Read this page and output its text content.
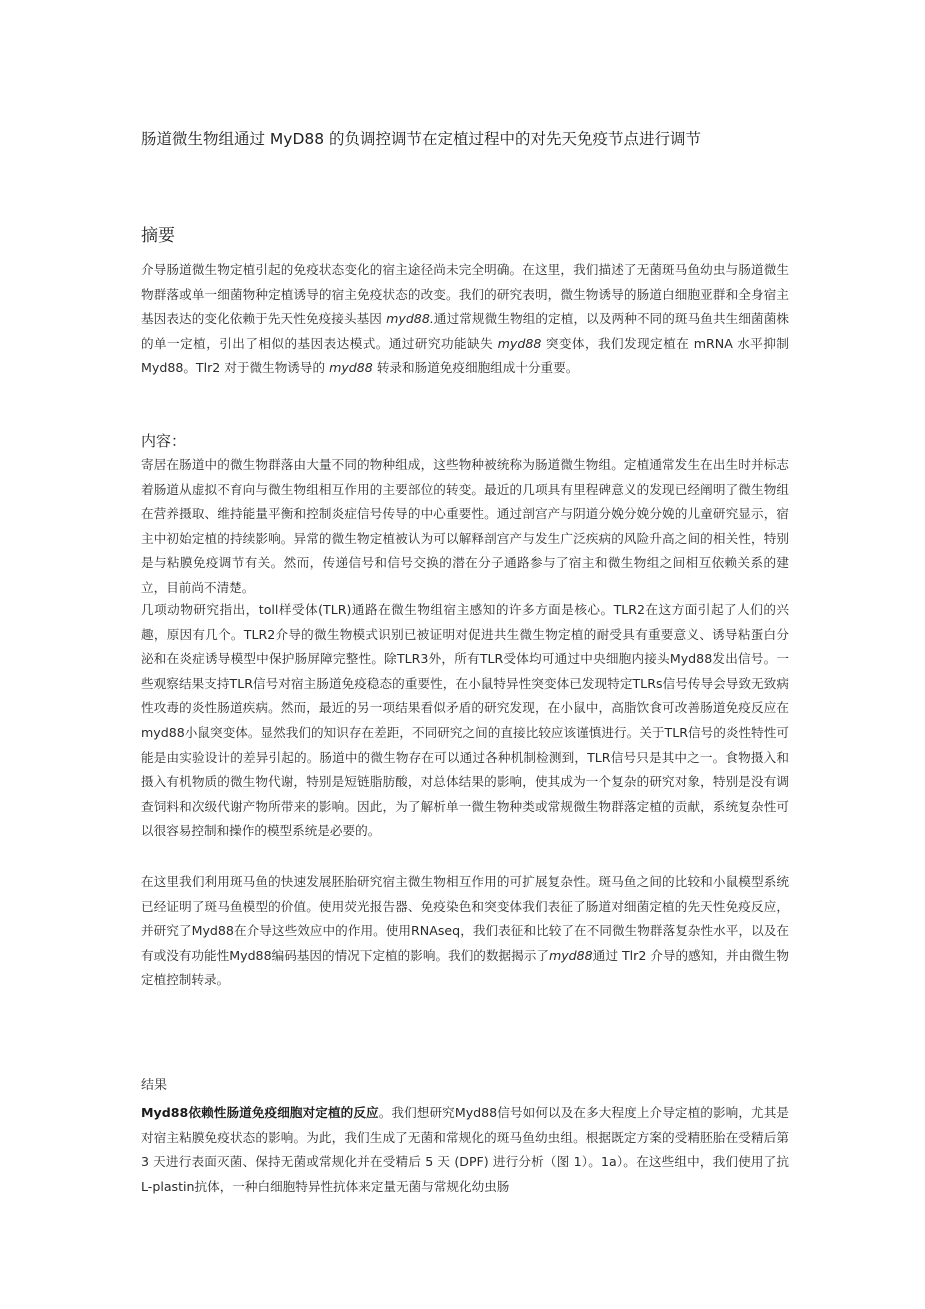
肠道微生物组通过 MyD88 的负调控调节在定植过程中的对先天免疫节点进行调节
摘要
介导肠道微生物定植引起的免疫状态变化的宿主途径尚未完全明确。在这里，我们描述了无菌斑马鱼幼虫与肠道微生物群落或单一细菌物种定植诱导的宿主免疫状态的改变。我们的研究表明，微生物诱导的肠道白细胞亚群和全身宿主基因表达的变化依赖于先天性免疫接头基因 myd88.通过常规微生物组的定植，以及两种不同的斑马鱼共生细菌菌株的单一定植，引出了相似的基因表达模式。通过研究功能缺失 myd88 突变体，我们发现定植在 mRNA 水平抑制 Myd88。Tlr2 对于微生物诱导的 myd88 转录和肠道免疫细胞组成十分重要。
内容：
寄居在肠道中的微生物群落由大量不同的物种组成，这些物种被统称为肠道微生物组。定植通常发生在出生时并标志着肠道从虚拟不育向与微生物组相互作用的主要部位的转变。最近的几项具有里程碑意义的发现已经阐明了微生物组在营养摄取、维持能量平衡和控制炎症信号传导的中心重要性。通过剖宫产与阴道分娩分娩分娩的儿童研究显示，宿主中初始定植的持续影响。异常的微生物定植被认为可以解释剖宫产与发生广泛疾病的风险升高之间的相关性，特别是与粘膜免疫调节有关。然而，传递信号和信号交换的潜在分子通路参与了宿主和微生物组之间相互依赖关系的建立，目前尚不清楚。
几项动物研究指出，toll样受体(TLR)通路在微生物组宿主感知的许多方面是核心。TLR2在这方面引起了人们的兴趣，原因有几个。TLR2介导的微生物模式识别已被证明对促进共生微生物定植的耐受具有重要意义、诱导粘蛋白分泌和在炎症诱导模型中保护肠屏障完整性。除TLR3外，所有TLR受体均可通过中央细胞内接头Myd88发出信号。一些观察结果支持TLR信号对宿主肠道免疫稳态的重要性，在小鼠特异性突变体已发现特定TLRs信号传导会导致无致病性攻毒的炎性肠道疾病。然而，最近的另一项结果看似矛盾的研究发现，在小鼠中，高脂饮食可改善肠道免疫反应在myd88小鼠突变体。显然我们的知识存在差距，不同研究之间的直接比较应该谨慎进行。关于TLR信号的炎性特性可能是由实验设计的差异引起的。肠道中的微生物存在可以通过各种机制检测到，TLR信号只是其中之一。食物摄入和摄入有机物质的微生物代谢，特别是短链脂肪酸，对总体结果的影响，使其成为一个复杂的研究对象，特别是没有调查饲料和次级代谢产物所带来的影响。因此，为了解析单一微生物种类或常规微生物群落定植的贡献，系统复杂性可以很容易控制和操作的模型系统是必要的。
在这里我们利用斑马鱼的快速发展胚胎研究宿主微生物相互作用的可扩展复杂性。斑马鱼之间的比较和小鼠模型系统已经证明了斑马鱼模型的价值。使用荧光报告器、免疫染色和突变体我们表征了肠道对细菌定植的先天性免疫反应，并研究了Myd88在介导这些效应中的作用。使用RNAseq，我们表征和比较了在不同微生物群落复杂性水平，以及在有或没有功能性Myd88编码基因的情况下定植的影响。我们的数据揭示了myd88通过 Tlr2 介导的感知，并由微生物定植控制转录。
结果
Myd88依赖性肠道免疫细胞对定植的反应。我们想研究Myd88信号如何以及在多大程度上介导定植的影响，尤其是对宿主粘膜免疫状态的影响。为此，我们生成了无菌和常规化的斑马鱼幼虫组。根据既定方案的受精胚胎在受精后第 3 天进行表面灭菌、保持无菌或常规化并在受精后 5 天 (DPF) 进行分析（图 1）。1a）。在这些组中，我们使用了抗L-plastin抗体，一种白细胞特异性抗体来定量无菌与常规化幼虫肠
